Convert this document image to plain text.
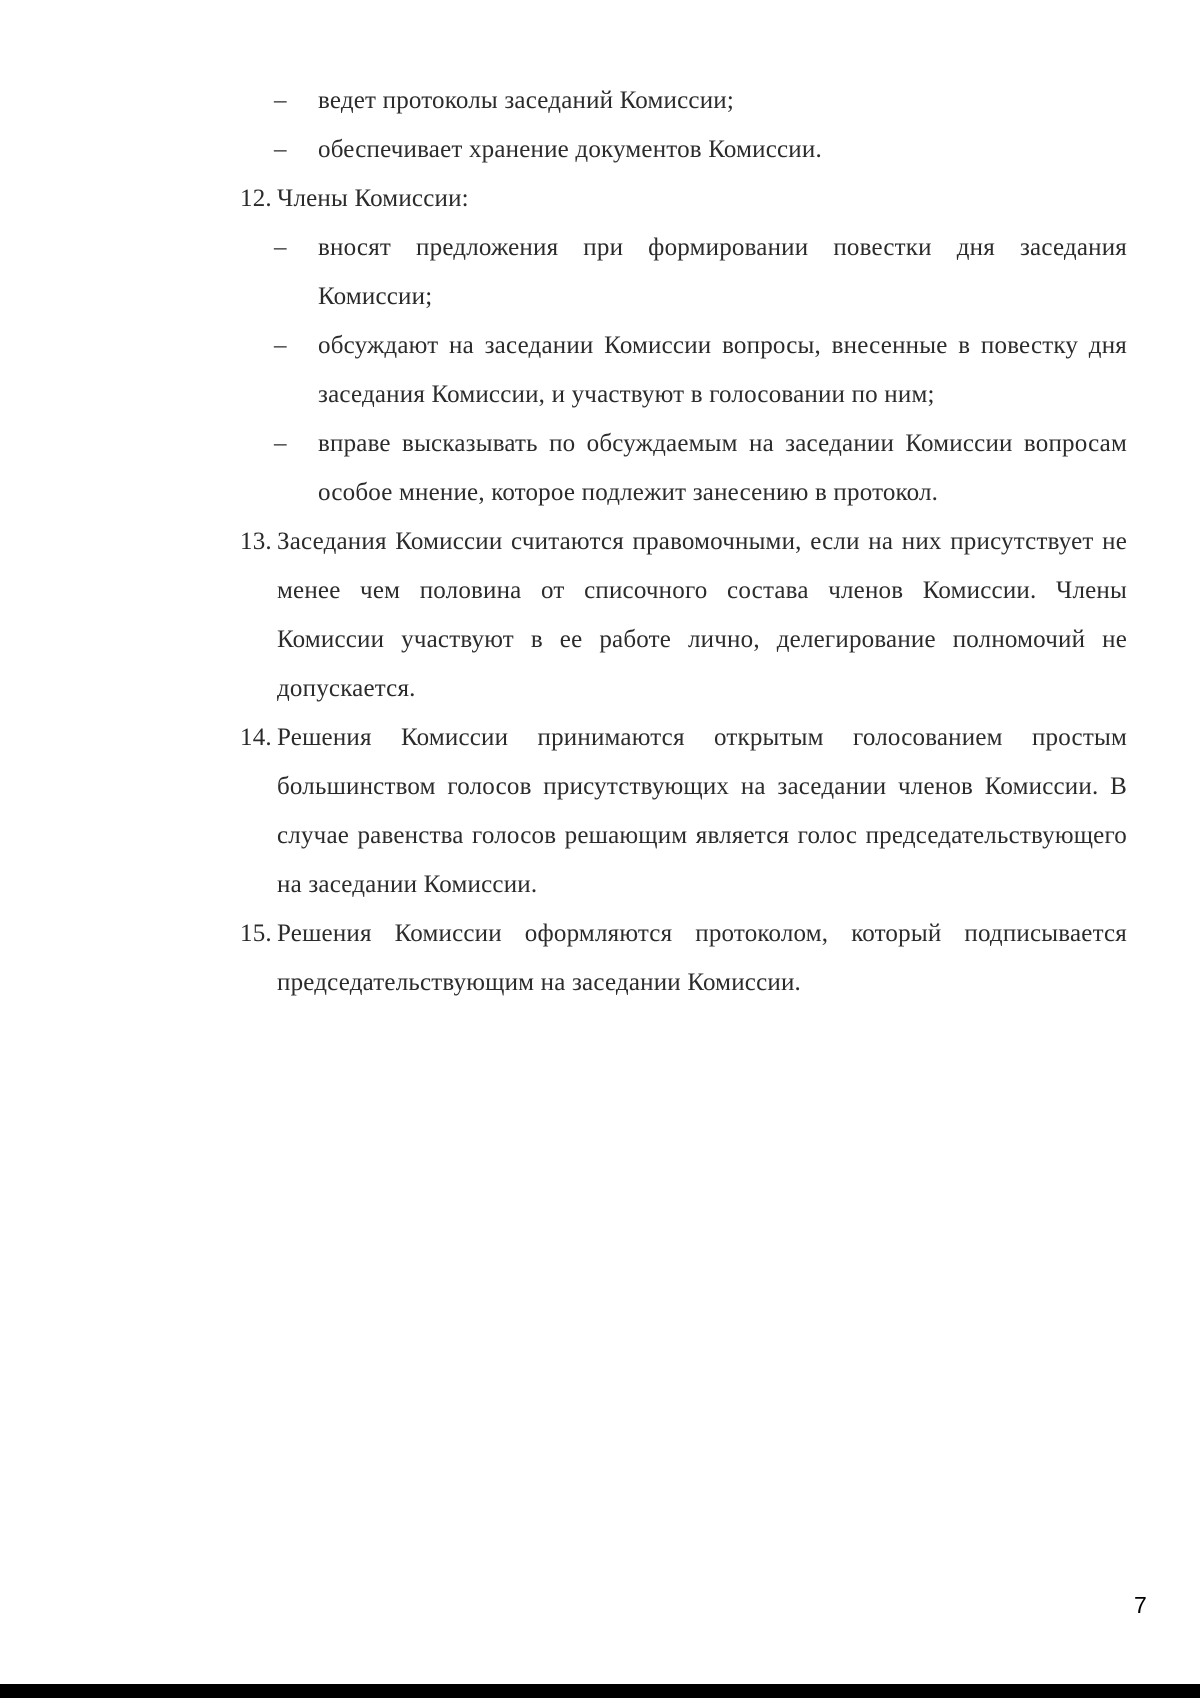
– ведет протоколы заседаний Комиссии;
– обеспечивает хранение документов Комиссии.
12. Члены Комиссии:
– вносят предложения при формировании повестки дня заседания Комиссии;
– обсуждают на заседании Комиссии вопросы, внесенные в повестку дня заседания Комиссии, и участвуют в голосовании по ним;
– вправе высказывать по обсуждаемым на заседании Комиссии вопросам особое мнение, которое подлежит занесению в протокол.
13. Заседания Комиссии считаются правомочными, если на них присутствует не менее чем половина от списочного состава членов Комиссии. Члены Комиссии участвуют в ее работе лично, делегирование полномочий не допускается.
14. Решения Комиссии принимаются открытым голосованием простым большинством голосов присутствующих на заседании членов Комиссии. В случае равенства голосов решающим является голос председательствующего на заседании Комиссии.
15. Решения Комиссии оформляются протоколом, который подписывается председательствующим на заседании Комиссии.
7
